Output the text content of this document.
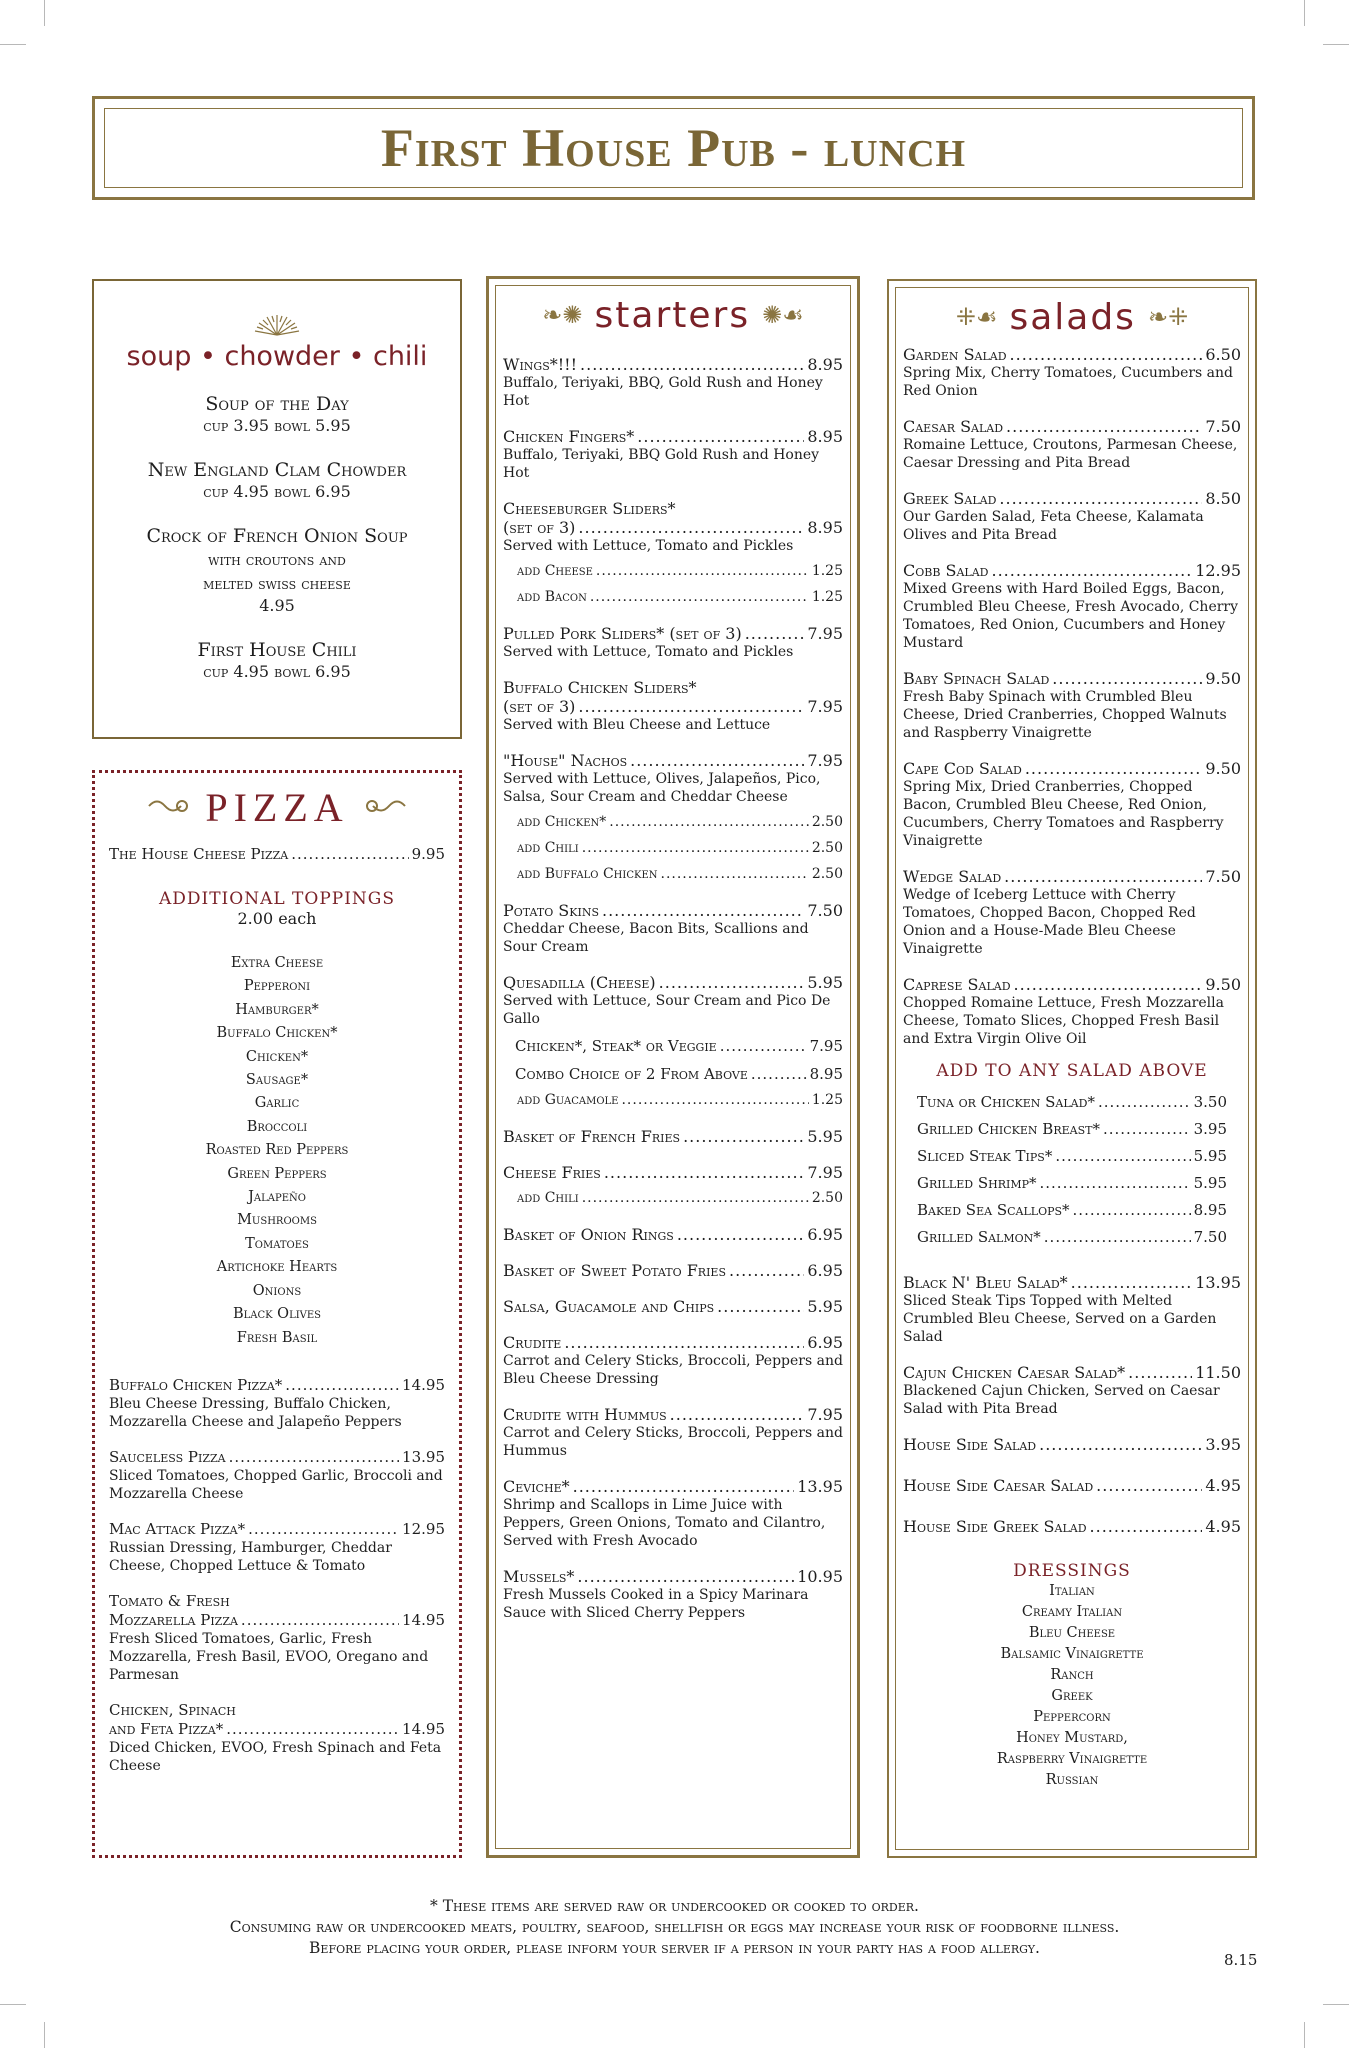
First House Pub - lunch
soup • chowder • chili
Soup of the Day
cup 3.95 bowl 5.95
New England Clam Chowder
cup 4.95 bowl 6.95
Crock of French Onion Soup
with croutons and
melted swiss cheese
4.95
First House Chili
cup 4.95 bowl 6.95
PIZZA
The House Cheese Pizza .....	9.95
ADDITIONAL TOPPINGS
2.00 each
Extra Cheese
Pepperoni
Hamburger*
Buffalo Chicken*
Chicken*
Sausage*
Garlic
Broccoli
Roasted Red Peppers
Green Peppers
Jalapeño
Mushrooms
Tomatoes
Artichoke Hearts
Onions
Black Olives
Fresh Basil
Buffalo Chicken Pizza* .....	14.95
Bleu Cheese Dressing, Buffalo Chicken, Mozzarella Cheese and Jalapeño Peppers
Sauceless Pizza .....	13.95
Sliced Tomatoes, Chopped Garlic, Broccoli and Mozzarella Cheese
Mac Attack Pizza* .....	12.95
Russian Dressing, Hamburger, Cheddar Cheese, Chopped Lettuce & Tomato
Tomato & Fresh
Mozzarella Pizza .....	14.95
Fresh Sliced Tomatoes, Garlic, Fresh Mozzarella, Fresh Basil, EVOO, Oregano and Parmesan
Chicken, Spinach
and Feta Pizza* .....	14.95
Diced Chicken, EVOO, Fresh Spinach and Feta Cheese
❧✺ starters ✺☙
Wings*!!! .....	8.95
Buffalo, Teriyaki, BBQ, Gold Rush and Honey Hot
Chicken Fingers* .....	8.95
Buffalo, Teriyaki, BBQ Gold Rush and Honey Hot
Cheeseburger Sliders*
(set of 3) .....	8.95
Served with Lettuce, Tomato and Pickles
add Cheese .....	1.25
add Bacon .....	1.25
Pulled Pork Sliders* (set of 3) .....	7.95
Served with Lettuce, Tomato and Pickles
Buffalo Chicken Sliders*
(set of 3) .....	7.95
Served with Bleu Cheese and Lettuce
"House" Nachos .....	7.95
Served with Lettuce, Olives, Jalapeños, Pico, Salsa, Sour Cream and Cheddar Cheese
add Chicken* .....	2.50
add Chili .....	2.50
add Buffalo Chicken .....	2.50
Potato Skins .....	7.50
Cheddar Cheese, Bacon Bits, Scallions and Sour Cream
Quesadilla (Cheese) .....	5.95
Served with Lettuce, Sour Cream and Pico De Gallo
Chicken*, Steak* or Veggie .....	7.95
Combo Choice of 2 From Above .....	8.95
add Guacamole .....	1.25
Basket of French Fries .....	5.95
Cheese Fries .....	7.95
add Chili .....	2.50
Basket of Onion Rings .....	6.95
Basket of Sweet Potato Fries .....	6.95
Salsa, Guacamole and Chips .....	5.95
Crudite .....	6.95
Carrot and Celery Sticks, Broccoli, Peppers and Bleu Cheese Dressing
Crudite with Hummus .....	7.95
Carrot and Celery Sticks, Broccoli, Peppers and Hummus
Ceviche* .....	13.95
Shrimp and Scallops in Lime Juice with Peppers, Green Onions, Tomato and Cilantro, Served with Fresh Avocado
Mussels* .....	10.95
Fresh Mussels Cooked in a Spicy Marinara Sauce with Sliced Cherry Peppers
⁜☙ salads ❧⁜
Garden Salad .....	6.50
Spring Mix, Cherry Tomatoes, Cucumbers and Red Onion
Caesar Salad .....	7.50
Romaine Lettuce, Croutons, Parmesan Cheese, Caesar Dressing and Pita Bread
Greek Salad .....	8.50
Our Garden Salad, Feta Cheese, Kalamata Olives and Pita Bread
Cobb Salad .....	12.95
Mixed Greens with Hard Boiled Eggs, Bacon, Crumbled Bleu Cheese, Fresh Avocado, Cherry Tomatoes, Red Onion, Cucumbers and Honey Mustard
Baby Spinach Salad .....	9.50
Fresh Baby Spinach with Crumbled Bleu Cheese, Dried Cranberries, Chopped Walnuts and Raspberry Vinaigrette
Cape Cod Salad .....	9.50
Spring Mix, Dried Cranberries, Chopped Bacon, Crumbled Bleu Cheese, Red Onion, Cucumbers, Cherry Tomatoes and Raspberry Vinaigrette
Wedge Salad .....	7.50
Wedge of Iceberg Lettuce with Cherry Tomatoes, Chopped Bacon, Chopped Red Onion and a House-Made Bleu Cheese Vinaigrette
Caprese Salad .....	9.50
Chopped Romaine Lettuce, Fresh Mozzarella Cheese, Tomato Slices, Chopped Fresh Basil and Extra Virgin Olive Oil
ADD TO ANY SALAD ABOVE
Tuna or Chicken Salad* .....	3.50
Grilled Chicken Breast* .....	3.95
Sliced Steak Tips* .....	5.95
Grilled Shrimp* .....	5.95
Baked Sea Scallops* .....	8.95
Grilled Salmon* .....	7.50
Black N' Bleu Salad* .....	13.95
Sliced Steak Tips Topped with Melted Crumbled Bleu Cheese, Served on a Garden Salad
Cajun Chicken Caesar Salad* .....	11.50
Blackened Cajun Chicken, Served on Caesar Salad with Pita Bread
House Side Salad .....	3.95
House Side Caesar Salad .....	4.95
House Side Greek Salad .....	4.95
DRESSINGS
Italian
Creamy Italian
Bleu Cheese
Balsamic Vinaigrette
Ranch
Greek
Peppercorn
Honey Mustard,
Raspberry Vinaigrette
Russian
* These items are served raw or undercooked or cooked to order.
Consuming raw or undercooked meats, poultry, seafood, shellfish or eggs may increase your risk of foodborne illness.
Before placing your order, please inform your server if a person in your party has a food allergy.
8.15
